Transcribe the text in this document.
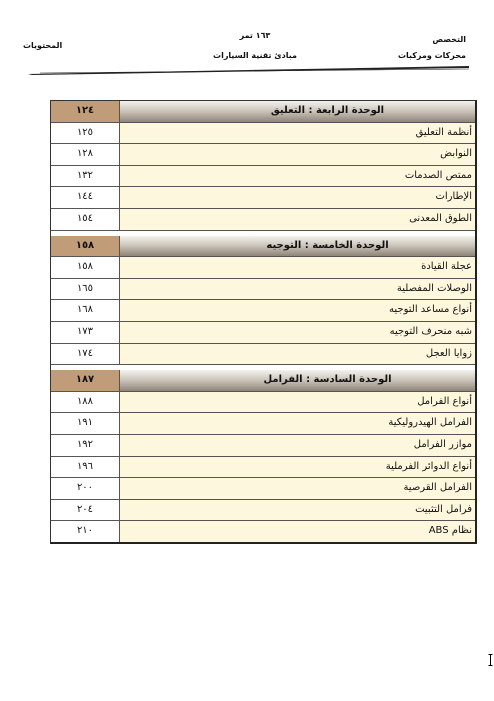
المحتويات
١٦٣ تمر
مبادئ تقنية السيارات
التخصص
محركات ومركبات
١٢٤	الوحدة الرابعة : التعليق
١٢٥	أنظمة التعليق
١٢٨	النوابض
١٣٢	ممتص الصدمات
١٤٤	الإطارات
١٥٤	الطوق المعدنى
١٥٨	الوحدة الخامسة : التوجيه
١٥٨	عجلة القيادة
١٦٥	الوصلات المفصلية
١٦٨	أنواع مساعد التوجيه
١٧٣	شبه منحرف التوجيه
١٧٤	زوايا العجل
١٨٧	الوحدة السادسة : الفرامل
١٨٨	أنواع الفرامل
١٩١	الفرامل الهيدروليكية
١٩٢	موازر الفرامل
١٩٦	أنواع الدوائر الفرملية
٢٠٠	الفرامل القرصية
٢٠٤	فرامل التثبيت
٢١٠	نظام ABS
